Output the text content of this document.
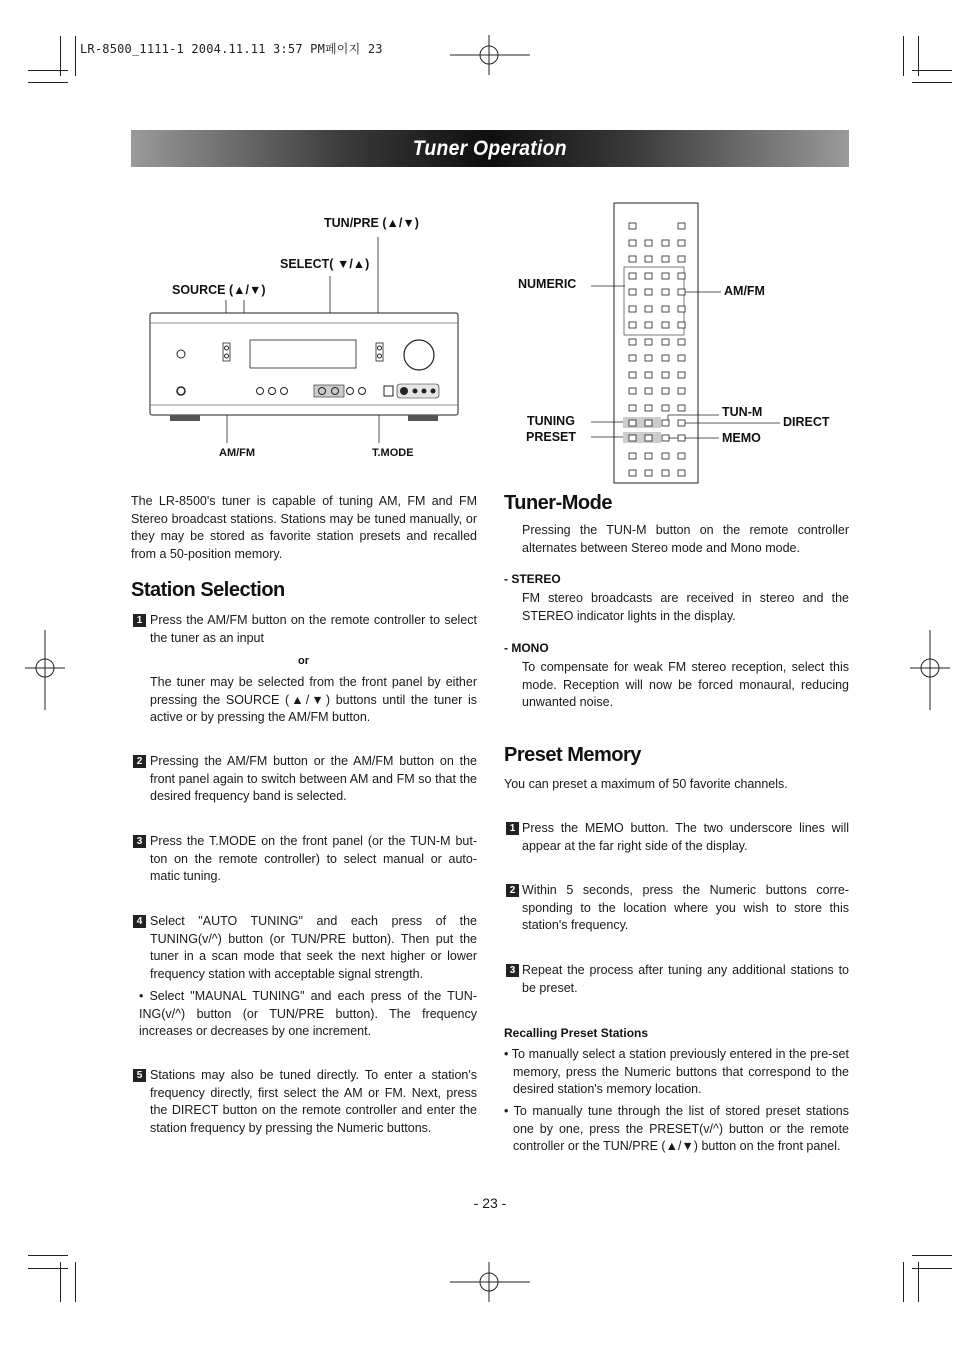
LR-8500_1111-1 2004.11.11 3:57 PM페이지 23
Tuner Operation
TUN/PRE (▲/▼)
SELECT( ▼/▲)
SOURCE (▲/▼)
AM/FM	T.MODE
NUMERIC	AM/FM
TUNING
PRESET
TUN-M
DIRECT
MEMO
The LR-8500's tuner is capable of tuning AM, FM and FM Stereo broadcast stations. Stations may be tuned manually, or they may be stored as favorite station presets and recalled from a 50-position memory.
Station Selection
1 Press the AM/FM button on the remote controller to select the tuner as an input
or
The tuner may be selected from the front panel by either pressing the SOURCE (▲/▼) buttons until the tuner is active or by pressing the AM/FM button.
2 Pressing the AM/FM button or the AM/FM button on the front panel again to switch between AM and FM so that the desired frequency band is selected.
3 Press the T.MODE on the front panel (or the TUN-M but-ton on the remote controller) to select manual or auto-matic tuning.
4 Select "AUTO TUNING" and each press of the TUNING(v/^) button (or TUN/PRE button). Then put the tuner in a scan mode that seek the next higher or lower frequency station with acceptable signal strength.
• Select "MAUNAL TUNING" and each press of the TUN-ING(v/^) button (or TUN/PRE button). The frequency increases or decreases by one increment.
5 Stations may also be tuned directly. To enter a station's frequency directly, first select the AM or FM. Next, press the DIRECT button on the remote controller and enter the station frequency by pressing the Numeric buttons.
Tuner-Mode
Pressing the TUN-M button on the remote controller alternates between Stereo mode and Mono mode.
- STEREO
FM stereo broadcasts are received in stereo and the STEREO indicator lights in the display.
- MONO
To compensate for weak FM stereo reception, select this mode. Reception will now be forced monaural, reducing unwanted noise.
Preset Memory
You can preset a maximum of 50 favorite channels.
1 Press the MEMO button. The two underscore lines will appear at the far right side of the display.
2 Within 5 seconds, press the Numeric buttons corre-sponding to the location where you wish to store this station's frequency.
3 Repeat the process after tuning any additional stations to be preset.
Recalling Preset Stations
• To manually select a station previously entered in the pre-set memory, press the Numeric buttons that correspond to the desired station's memory location.
• To manually tune through the list of stored preset stations one by one, press the PRESET(v/^) button or the remote controller or the TUN/PRE (▲/▼) button on the front panel.
- 23 -
